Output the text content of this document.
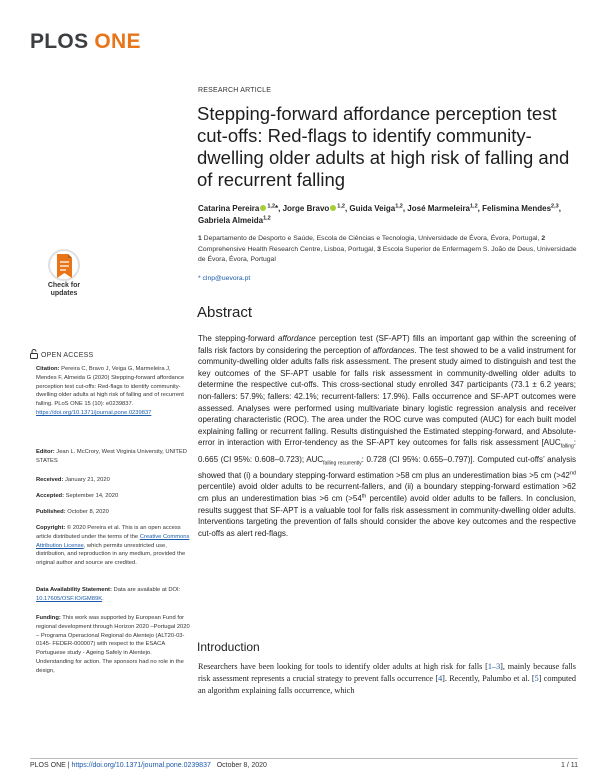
PLOS ONE
RESEARCH ARTICLE
Stepping-forward affordance perception test cut-offs: Red-flags to identify community-dwelling older adults at high risk of falling and of recurrent falling
Catarina Pereira $^{1,2}$*, Jorge Bravo $^{1,2}$, Guida Veiga$^{1,2}$, José Marmeleira$^{1,2}$, Felismina Mendes$^{2,3}$, Gabriela Almeida$^{1,2}$
1 Departamento de Desporto e Saúde, Escola de Ciências e Tecnologia, Universidade de Évora, Évora, Portugal, 2 Comprehensive Health Research Centre, Lisboa, Portugal, 3 Escola Superior de Enfermagem S. João de Deus, Universidade de Évora, Évora, Portugal
* clnp@uevora.pt
Check for
updates
OPEN ACCESS
Citation: Pereira C, Bravo J, Veiga G, Marmeleira J, Mendes F, Almeida G (2020) Stepping-forward affordance perception test cut-offs: Red-flags to identify community-dwelling older adults at high risk of falling and of recurrent falling. PLoS ONE 15 (10): e0239837. https://doi.org/10.1371/journal.pone.0239837
Editor: Jean L. McCrory, West Virginia University, UNITED STATES
Received: January 21, 2020
Accepted: September 14, 2020
Published: October 8, 2020
Copyright: © 2020 Pereira et al. This is an open access article distributed under the terms of the Creative Commons Attribution License, which permits unrestricted use, distribution, and reproduction in any medium, provided the original author and source are credited.
Data Availability Statement: Data are available at DOI: 10.17605/OSF.IO/GM89K.
Funding: This work was supported by European Fund for regional development through Horizon 2020 –Portugal 2020 – Programa Operacional Regional do Alentejo (ALT20-03-0145- FEDER-000007) with respect to the ESACA Portuguese study - Ageing Safely in Alentejo. Understanding for action. The sponsors had no role in the design,
Abstract
The stepping-forward affordance perception test (SF-APT) fills an important gap within the screening of falls risk factors by considering the perception of affordances. The test showed to be a valid instrument for community-dwelling older adults falls risk assessment. The present study aimed to distinguish and test the key outcomes of the SF-APT usable for falls risk assessment in community-dwelling older adults to determine the respective cut-offs. This cross-sectional study enrolled 347 participants (73.1 ± 6.2 years; non-fallers: 57.9%; fallers: 42.1%; recurrent-fallers: 17.9%). Falls occurrence and SF-APT outcomes were assessed. Analyses were performed using multivariate binary logistic regression analysis and receiver operating characteristic (ROC). The area under the ROC curve was computed (AUC) for each built model explaining falling or recurrent falling. Results distinguished the Estimated stepping-forward, and Absolute-error in interaction with Error-tendency as the SF-APT key outcomes for falls risk assessment [$AUC_{falling}$: 0.665 (CI 95%: 0.608–0.723); $AUC_{falling recurrently}$: 0.728 (CI 95%: 0.655–0.797)]. Computed cut-offs’ analysis showed that (i) a boundary stepping-forward estimation >58 cm plus an underestimation bias >5 cm (>42nd percentile) avoid older adults to be recurrent-fallers, and (ii) a boundary stepping-forward estimation >62 cm plus an underestimation bias >6 cm (>54th percentile) avoid older adults to be fallers. In conclusion, results suggest that SF-APT is a valuable tool for falls risk assessment in community-dwelling older adults. Interventions targeting the prevention of falls should consider the above key outcomes and the respective cut-offs as alert red-flags.
Introduction
Researchers have been looking for tools to identify older adults at high risk for falls [1–3], mainly because falls risk assessment represents a crucial strategy to prevent falls occurrence [4]. Recently, Palumbo et al. [5] computed an algorithm explaining falls occurrence, which
PLOS ONE | https://doi.org/10.1371/journal.pone.0239837 October 8, 2020	1 / 11
